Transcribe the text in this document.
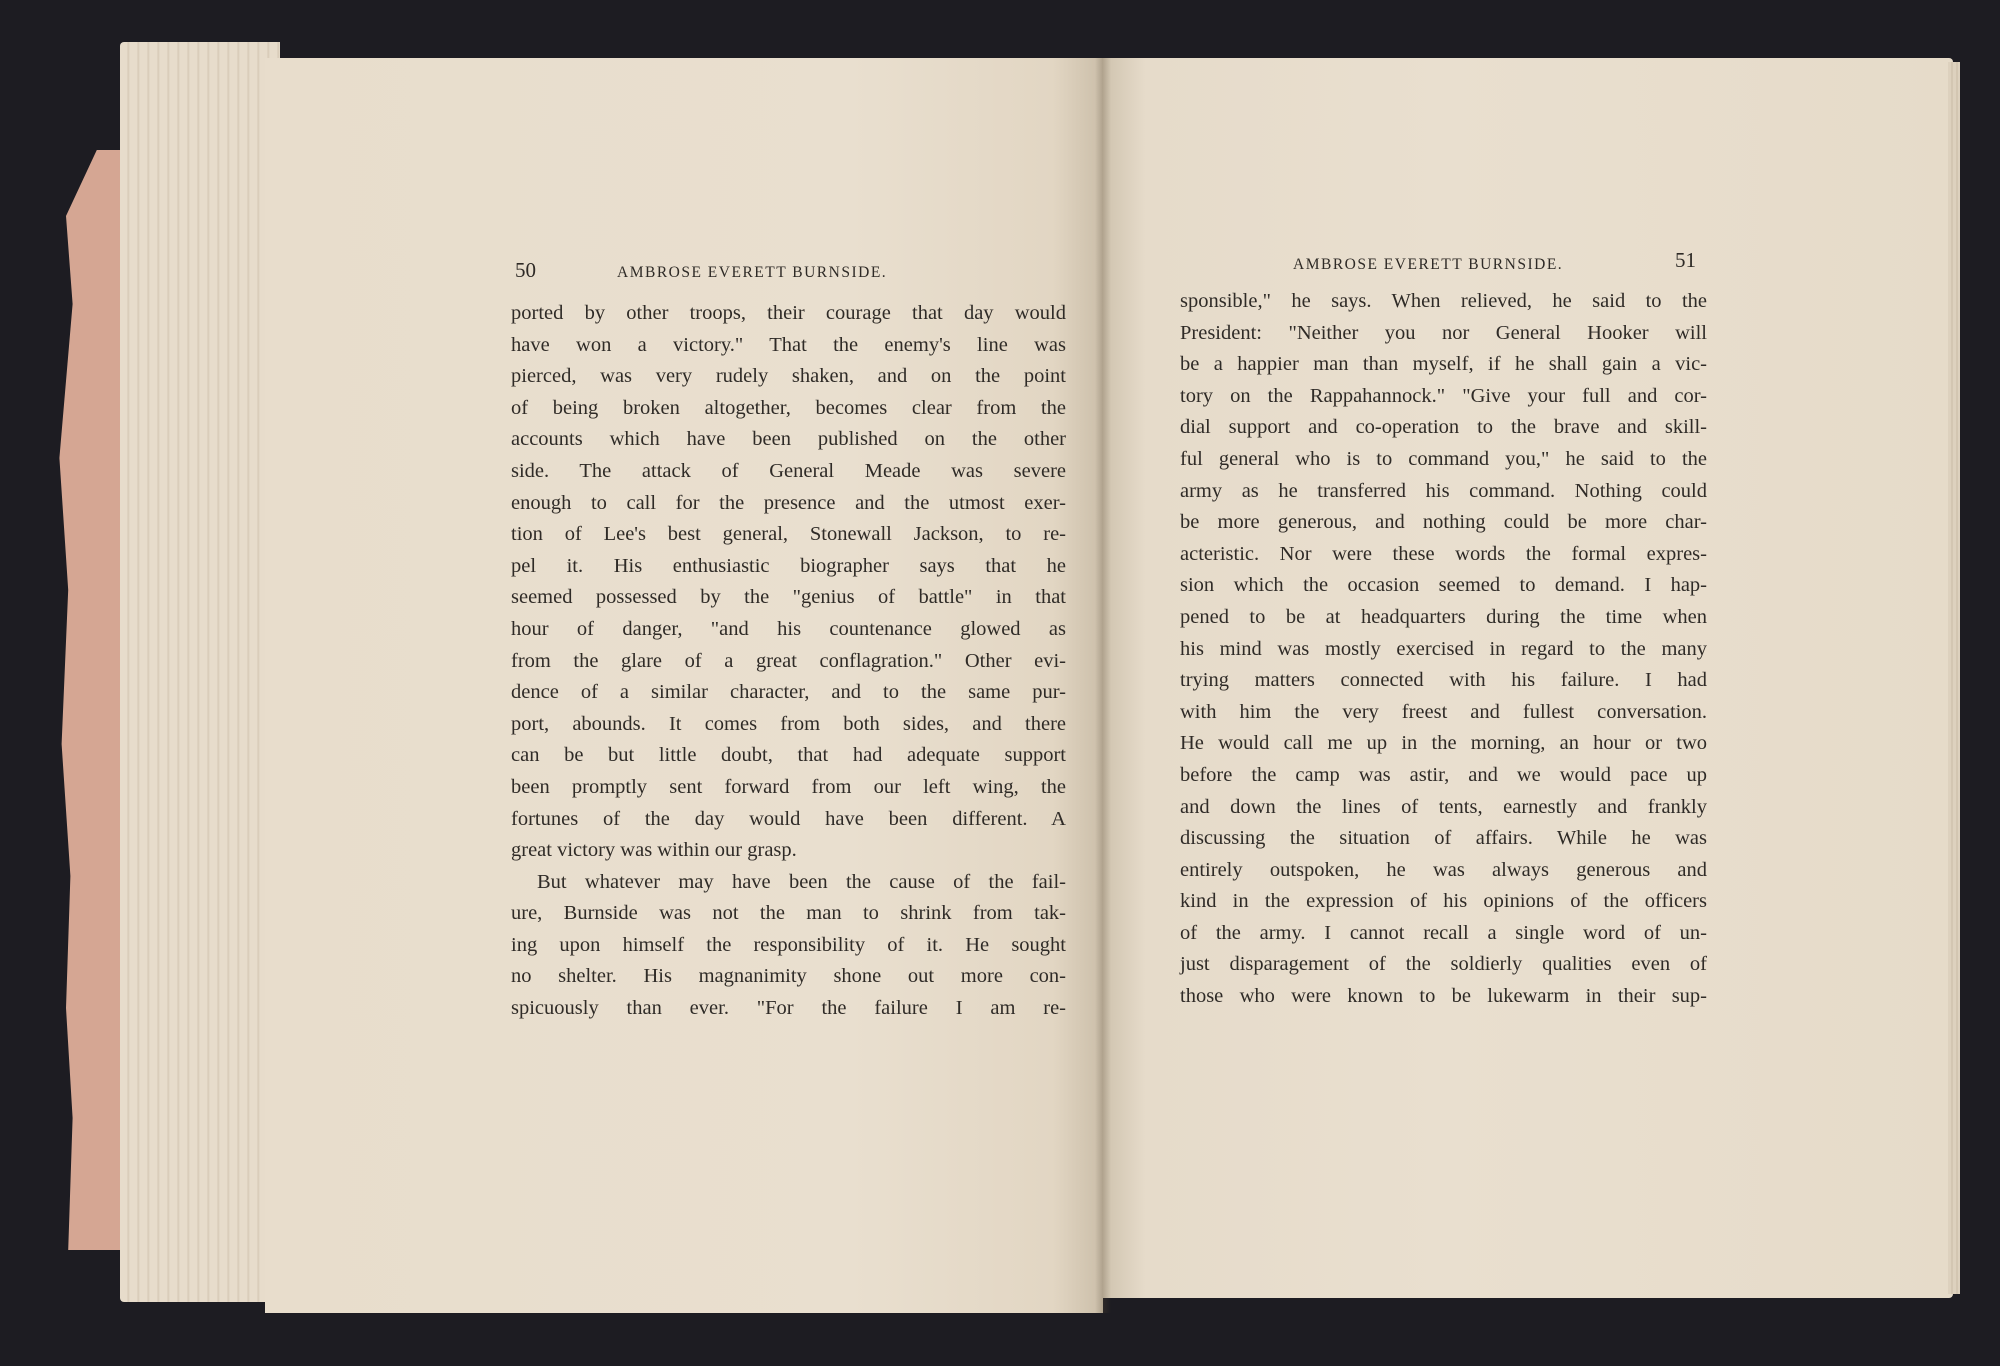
50	AMBROSE EVERETT BURNSIDE.
ported by other troops, their courage that day would
have won a victory." That the enemy's line was
pierced, was very rudely shaken, and on the point
of being broken altogether, becomes clear from the
accounts which have been published on the other
side. The attack of General Meade was severe
enough to call for the presence and the utmost exer-
tion of Lee's best general, Stonewall Jackson, to re-
pel it. His enthusiastic biographer says that he
seemed possessed by the "genius of battle" in that
hour of danger, "and his countenance glowed as
from the glare of a great conflagration." Other evi-
dence of a similar character, and to the same pur-
port, abounds. It comes from both sides, and there
can be but little doubt, that had adequate support
been promptly sent forward from our left wing, the
fortunes of the day would have been different. A
great victory was within our grasp.
But whatever may have been the cause of the fail-
ure, Burnside was not the man to shrink from tak-
ing upon himself the responsibility of it. He sought
no shelter. His magnanimity shone out more con-
spicuously than ever. "For the failure I am re-
AMBROSE EVERETT BURNSIDE.	51
sponsible," he says. When relieved, he said to the
President: "Neither you nor General Hooker will
be a happier man than myself, if he shall gain a vic-
tory on the Rappahannock." "Give your full and cor-
dial support and co-operation to the brave and skill-
ful general who is to command you," he said to the
army as he transferred his command. Nothing could
be more generous, and nothing could be more char-
acteristic. Nor were these words the formal expres-
sion which the occasion seemed to demand. I hap-
pened to be at headquarters during the time when
his mind was mostly exercised in regard to the many
trying matters connected with his failure. I had
with him the very freest and fullest conversation.
He would call me up in the morning, an hour or two
before the camp was astir, and we would pace up
and down the lines of tents, earnestly and frankly
discussing the situation of affairs. While he was
entirely outspoken, he was always generous and
kind in the expression of his opinions of the officers
of the army. I cannot recall a single word of un-
just disparagement of the soldierly qualities even of
those who were known to be lukewarm in their sup-
